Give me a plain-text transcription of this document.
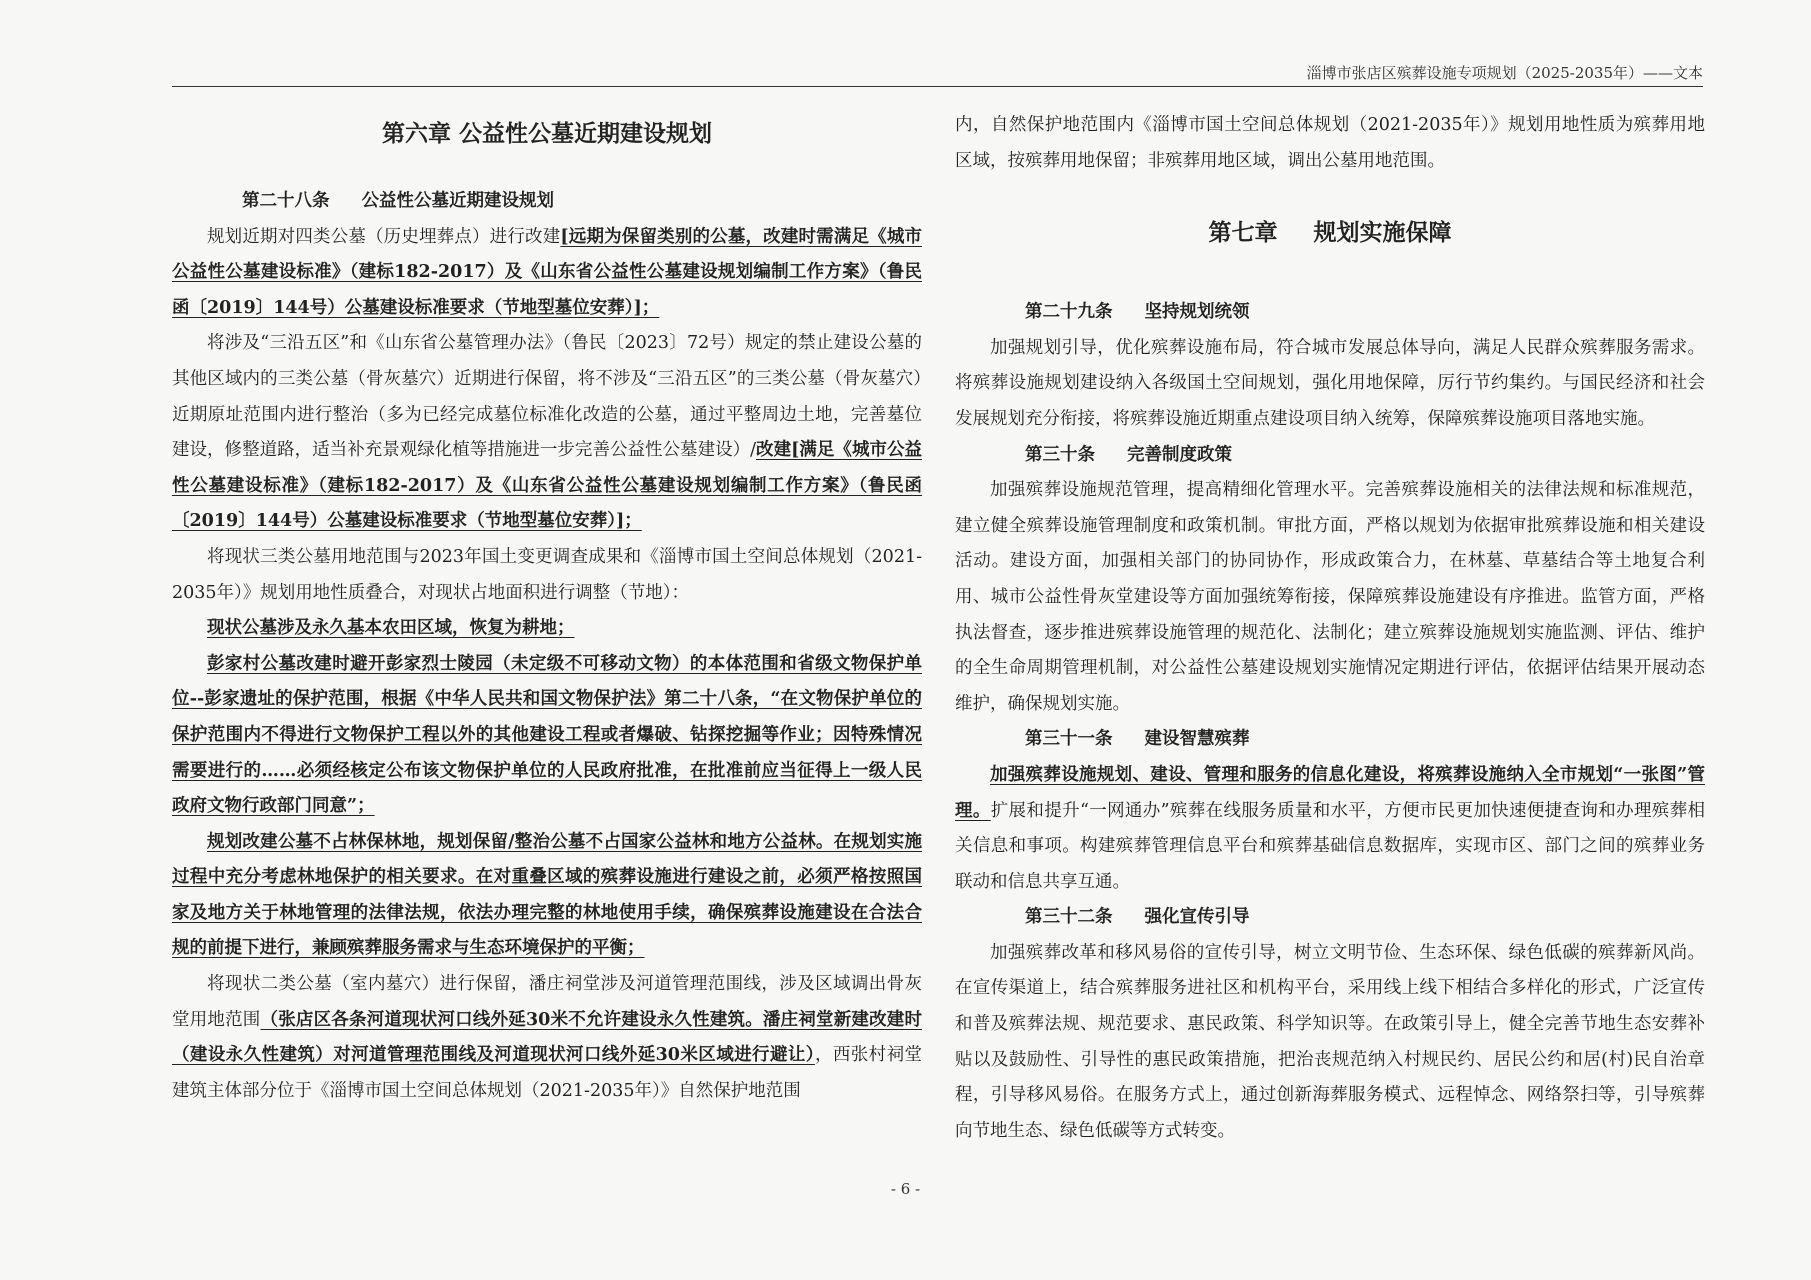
淄博市张店区殡葬设施专项规划（2025-2035年）——文本

第六章 公益性公墓近期建设规划

第二十八条 公益性公墓近期建设规划

规划近期对四类公墓（历史埋葬点）进行改建[远期为保留类别的公墓，改建时需满足《城市公益性公墓建设标准》（建标182-2017）及《山东省公益性公墓建设规划编制工作方案》（鲁民函〔2019〕144号）公墓建设标准要求（节地型墓位安葬）]；

将涉及“三沿五区”和《山东省公墓管理办法》（鲁民〔2023〕72号）规定的禁止建设公墓的其他区域内的三类公墓（骨灰墓穴）近期进行保留，将不涉及“三沿五区”的三类公墓（骨灰墓穴）近期原址范围内进行整治（多为已经完成墓位标准化改造的公墓，通过平整周边土地，完善墓位建设，修整道路，适当补充景观绿化植等措施进一步完善公益性公墓建设）/改建[满足《城市公益性公墓建设标准》（建标182-2017）及《山东省公益性公墓建设规划编制工作方案》（鲁民函〔2019〕144号）公墓建设标准要求（节地型墓位安葬）]；

将现状三类公墓用地范围与2023年国土变更调查成果和《淄博市国土空间总体规划（2021-2035年）》规划用地性质叠合，对现状占地面积进行调整（节地）：

现状公墓涉及永久基本农田区域，恢复为耕地；

彭家村公墓改建时避开彭家烈士陵园（未定级不可移动文物）的本体范围和省级文物保护单位--彭家遗址的保护范围，根据《中华人民共和国文物保护法》第二十八条，“在文物保护单位的保护范围内不得进行文物保护工程以外的其他建设工程或者爆破、钻探挖掘等作业；因特殊情况需要进行的……必须经核定公布该文物保护单位的人民政府批准，在批准前应当征得上一级人民政府文物行政部门同意”；

规划改建公墓不占林保林地，规划保留/整治公墓不占国家公益林和地方公益林。在规划实施过程中充分考虑林地保护的相关要求。在对重叠区域的殡葬设施进行建设之前，必须严格按照国家及地方关于林地管理的法律法规，依法办理完整的林地使用手续，确保殡葬设施建设在合法合规的前提下进行，兼顾殡葬服务需求与生态环境保护的平衡；

将现状二类公墓（室内墓穴）进行保留，潘庄祠堂涉及河道管理范围线，涉及区域调出骨灰堂用地范围（张店区各条河道现状河口线外延30米不允许建设永久性建筑。潘庄祠堂新建改建时（建设永久性建筑）对河道管理范围线及河道现状河口线外延30米区域进行避让），西张村祠堂建筑主体部分位于《淄博市国土空间总体规划（2021-2035年）》自然保护地范围

内，自然保护地范围内《淄博市国土空间总体规划（2021-2035年）》规划用地性质为殡葬用地区域，按殡葬用地保留；非殡葬用地区域，调出公墓用地范围。

第七章 规划实施保障

第二十九条 坚持规划统领

加强规划引导，优化殡葬设施布局，符合城市发展总体导向，满足人民群众殡葬服务需求。将殡葬设施规划建设纳入各级国土空间规划，强化用地保障，厉行节约集约。与国民经济和社会发展规划充分衔接，将殡葬设施近期重点建设项目纳入统筹，保障殡葬设施项目落地实施。

第三十条 完善制度政策

加强殡葬设施规范管理，提高精细化管理水平。完善殡葬设施相关的法律法规和标准规范，建立健全殡葬设施管理制度和政策机制。审批方面，严格以规划为依据审批殡葬设施和相关建设活动。建设方面，加强相关部门的协同协作，形成政策合力，在林墓、草墓结合等土地复合利用、城市公益性骨灰堂建设等方面加强统筹衔接，保障殡葬设施建设有序推进。监管方面，严格执法督查，逐步推进殡葬设施管理的规范化、法制化；建立殡葬设施规划实施监测、评估、维护的全生命周期管理机制，对公益性公墓建设规划实施情况定期进行评估，依据评估结果开展动态维护，确保规划实施。

第三十一条 建设智慧殡葬

加强殡葬设施规划、建设、管理和服务的信息化建设，将殡葬设施纳入全市规划“一张图”管理。扩展和提升“一网通办”殡葬在线服务质量和水平，方便市民更加快速便捷查询和办理殡葬相关信息和事项。构建殡葬管理信息平台和殡葬基础信息数据库，实现市区、部门之间的殡葬业务联动和信息共享互通。

第三十二条 强化宣传引导

加强殡葬改革和移风易俗的宣传引导，树立文明节俭、生态环保、绿色低碳的殡葬新风尚。在宣传渠道上，结合殡葬服务进社区和机构平台，采用线上线下相结合多样化的形式，广泛宣传和普及殡葬法规、规范要求、惠民政策、科学知识等。在政策引导上，健全完善节地生态安葬补贴以及鼓励性、引导性的惠民政策措施，把治丧规范纳入村规民约、居民公约和居(村)民自治章程，引导移风易俗。在服务方式上，通过创新海葬服务模式、远程悼念、网络祭扫等，引导殡葬向节地生态、绿色低碳等方式转变。

- 6 -
